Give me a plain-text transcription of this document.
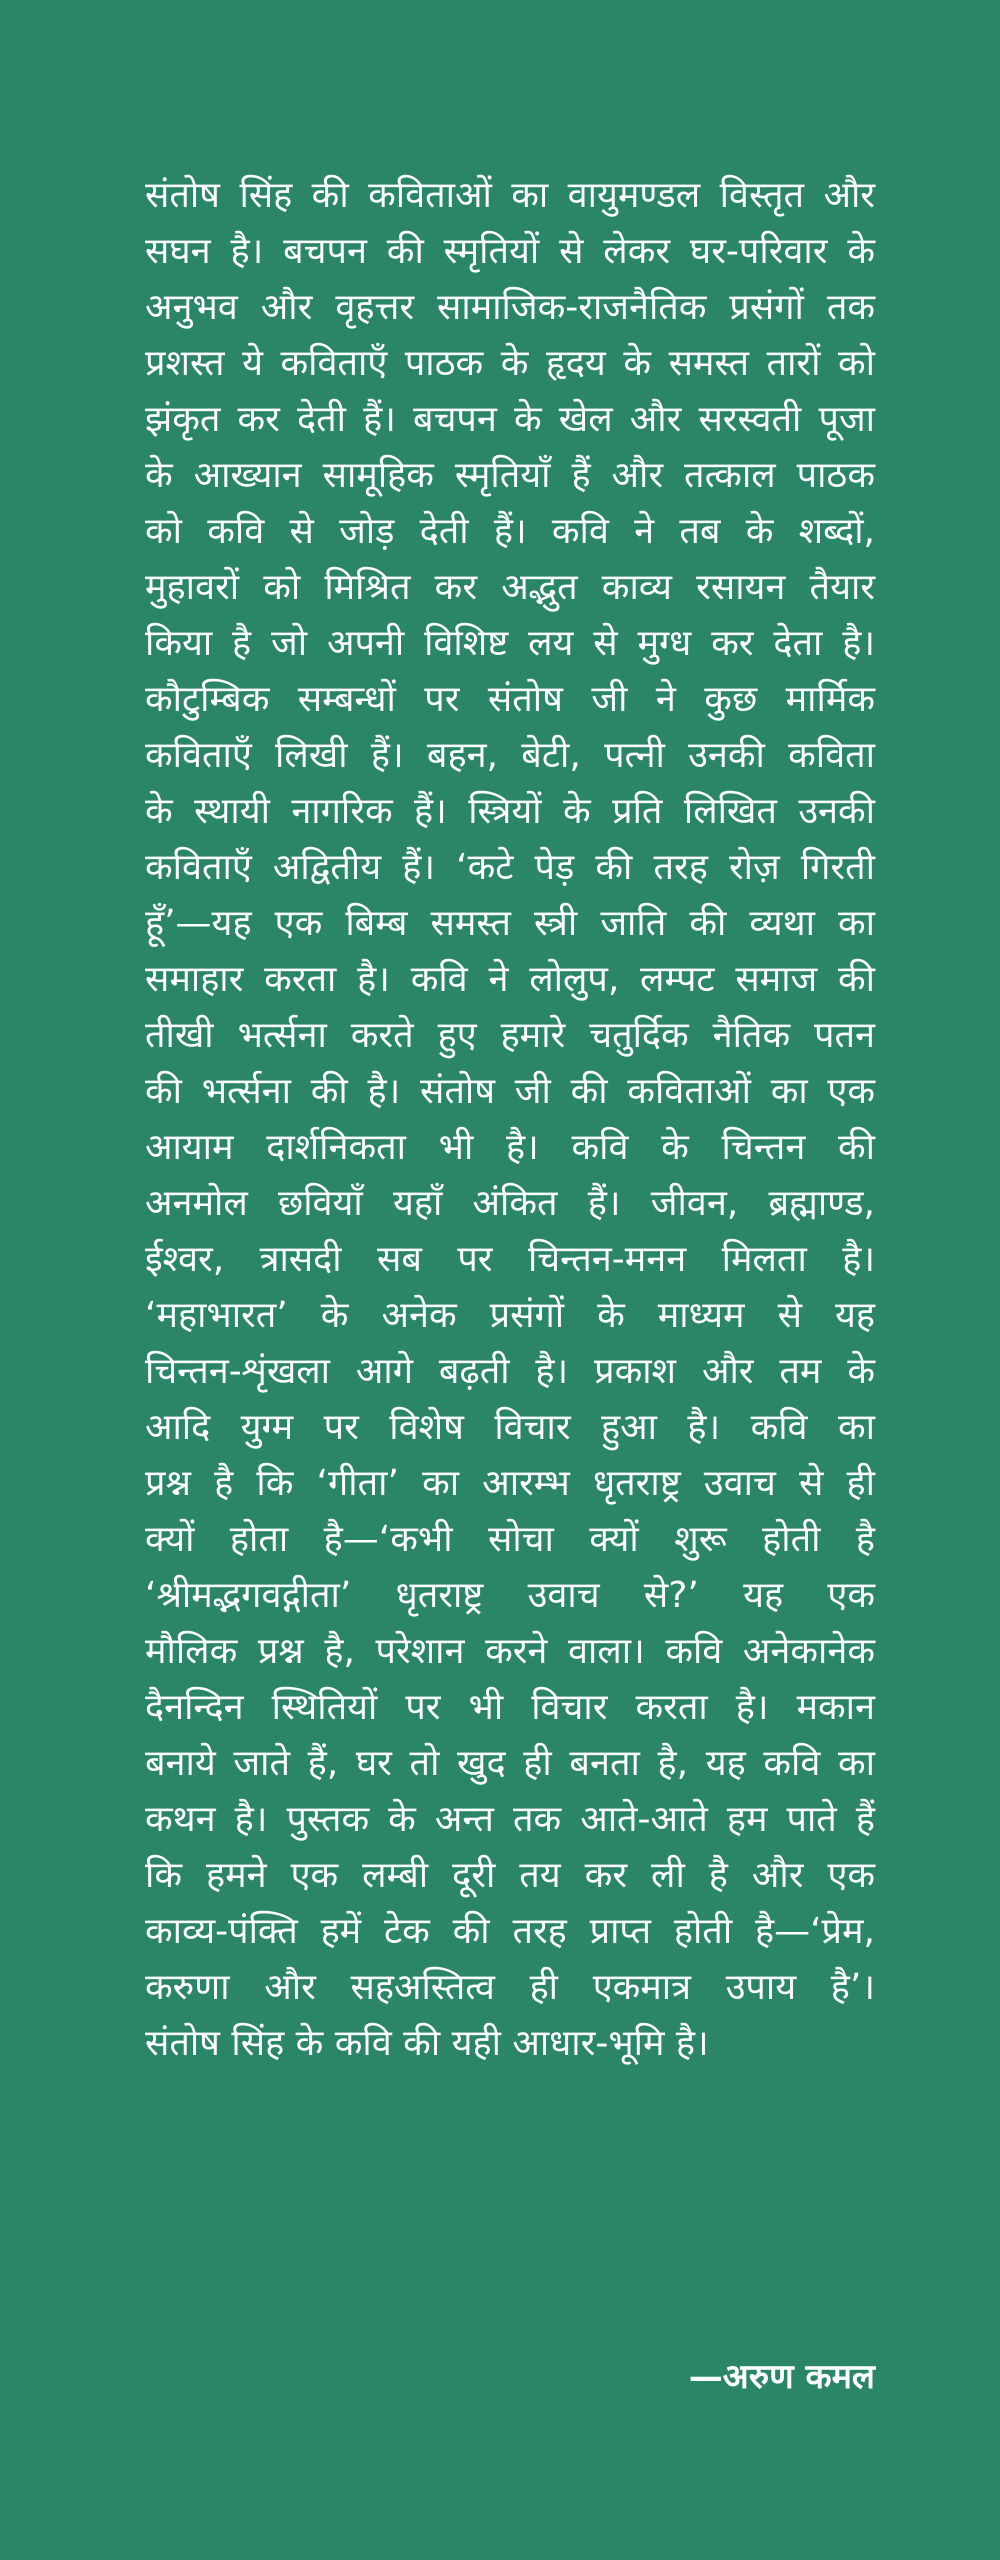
संतोष सिंह की कविताओं का वायुमण्डल विस्तृत और
सघन है। बचपन की स्मृतियों से लेकर घर-परिवार के
अनुभव और वृहत्तर सामाजिक-राजनैतिक प्रसंगों तक
प्रशस्त ये कविताएँ पाठक के हृदय के समस्त तारों को
झंकृत कर देती हैं। बचपन के खेल और सरस्वती पूजा
के आख्यान सामूहिक स्मृतियाँ हैं और तत्काल पाठक
को कवि से जोड़ देती हैं। कवि ने तब के शब्दों,
मुहावरों को मिश्रित कर अद्भुत काव्य रसायन तैयार
किया है जो अपनी विशिष्ट लय से मुग्ध कर देता है।
कौटुम्बिक सम्बन्धों पर संतोष जी ने कुछ मार्मिक
कविताएँ लिखी हैं। बहन, बेटी, पत्नी उनकी कविता
के स्थायी नागरिक हैं। स्त्रियों के प्रति लिखित उनकी
कविताएँ अद्वितीय हैं। ‘कटे पेड़ की तरह रोज़ गिरती
हूँ’—यह एक बिम्ब समस्त स्त्री जाति की व्यथा का
समाहार करता है। कवि ने लोलुप, लम्पट समाज की
तीखी भर्त्सना करते हुए हमारे चतुर्दिक नैतिक पतन
की भर्त्सना की है। संतोष जी की कविताओं का एक
आयाम दार्शनिकता भी है। कवि के चिन्तन की
अनमोल छवियाँ यहाँ अंकित हैं। जीवन, ब्रह्माण्ड,
ईश्वर, त्रासदी सब पर चिन्तन-मनन मिलता है।
‘महाभारत’ के अनेक प्रसंगों के माध्यम से यह
चिन्तन-शृंखला आगे बढ़ती है। प्रकाश और तम के
आदि युग्म पर विशेष विचार हुआ है। कवि का
प्रश्न है कि ‘गीता’ का आरम्भ धृतराष्ट्र उवाच से ही
क्यों होता है—‘कभी सोचा क्यों शुरू होती है
‘श्रीमद्भगवद्गीता’ धृतराष्ट्र उवाच से?’ यह एक
मौलिक प्रश्न है, परेशान करने वाला। कवि अनेकानेक
दैनन्दिन स्थितियों पर भी विचार करता है। मकान
बनाये जाते हैं, घर तो खुद ही बनता है, यह कवि का
कथन है। पुस्तक के अन्त तक आते-आते हम पाते हैं
कि हमने एक लम्बी दूरी तय कर ली है और एक
काव्य-पंक्ति हमें टेक की तरह प्राप्त होती है—‘प्रेम,
करुणा और सहअस्तित्व ही एकमात्र उपाय है’।
संतोष सिंह के कवि की यही आधार-भूमि है।
—अरुण कमल
